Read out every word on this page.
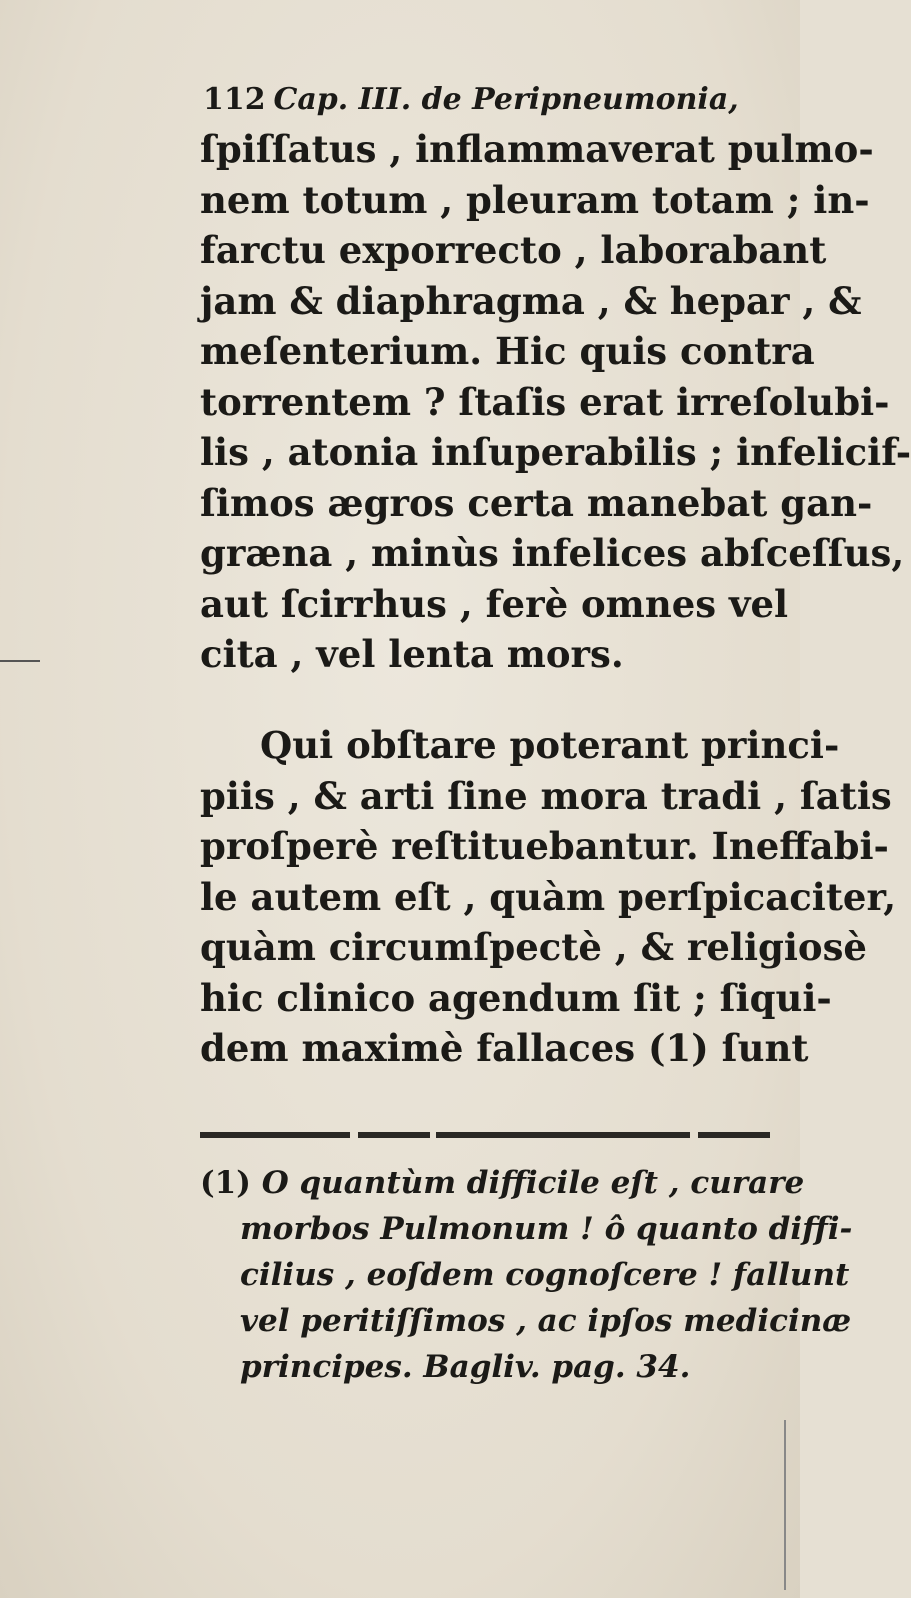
112 Cap. III. de Peripneumonia,
ſpiſſatus , inflammaverat pulmo-
nem totum , pleuram totam ; in-
farctu exporrecto , laborabant
jam & diaphragma , & hepar , &
meſenterium. Hic quis contra
torrentem ? ſtaſis erat irreſolubi-
lis , atonia inſuperabilis ; infelicif-
ſimos ægros certa manebat gan-
græna , minùs infelices abſceſſus,
aut ſcirrhus , ferè omnes vel
cita , vel lenta mors.
Qui obſtare poterant princi-
piis , & arti ſine mora tradi , ſatis
proſperè reſtituebantur. Ineffabi-
le autem eſt , quàm perſpicaciter,
quàm circumſpectè , & religiosè
hic clinico agendum ſit ; ſiqui-
dem maximè fallaces (1) ſunt
(1) O quantùm difficile eſt , curare
morbos Pulmonum ! ô quanto diffi-
cilius , eoſdem cognoſcere ! fallunt
vel peritiſſimos , ac ipſos medicinæ
principes. Bagliv. pag. 34.
